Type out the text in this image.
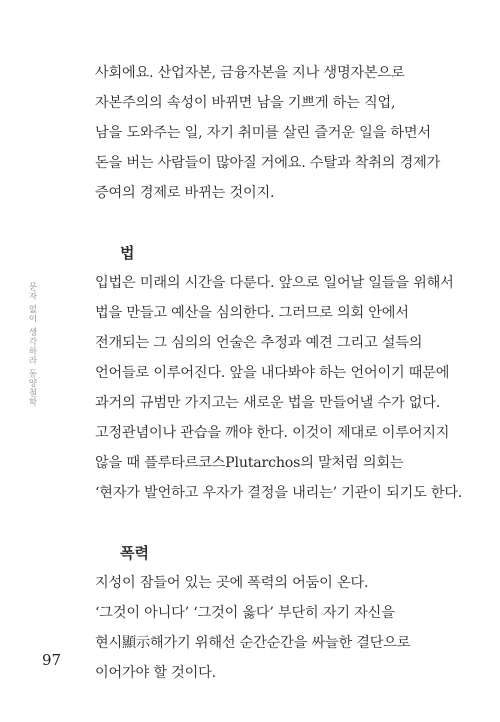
문자 없이 생각하라 동양철학
사회에요. 산업자본, 금융자본을 지나 생명자본으로
자본주의의 속성이 바뀌면 남을 기쁘게 하는 직업,
남을 도와주는 일, 자기 취미를 살린 즐거운 일을 하면서
돈을 버는 사람들이 많아질 거에요. 수탈과 착취의 경제가
증여의 경제로 바뀌는 것이지.
법
입법은 미래의 시간을 다룬다. 앞으로 일어날 일들을 위해서
법을 만들고 예산을 심의한다. 그러므로 의회 안에서
전개되는 그 심의의 언술은 추정과 예견 그리고 설득의
언어들로 이루어진다. 앞을 내다봐야 하는 언어이기 때문에
과거의 규범만 가지고는 새로운 법을 만들어낼 수가 없다.
고정관념이나 관습을 깨야 한다. 이것이 제대로 이루어지지
않을 때 플루타르코스Plutarchos의 말처럼 의회는
‘현자가 발언하고 우자가 결정을 내리는’ 기관이 되기도 한다.
폭력
지성이 잠들어 있는 곳에 폭력의 어둠이 온다.
‘그것이 아니다’ ‘그것이 옳다’ 부단히 자기 자신을
현시顯示해가기 위해선 순간순간을 싸늘한 결단으로
이어가야 할 것이다.
97
